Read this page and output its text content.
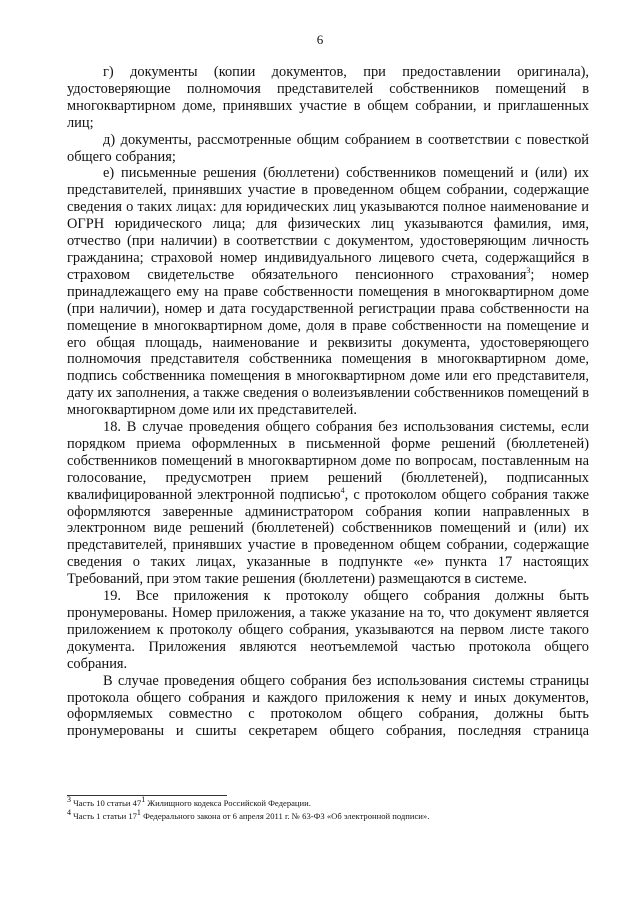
6

г) документы (копии документов, при предоставлении оригинала), удостоверяющие полномочия представителей собственников помещений в многоквартирном доме, принявших участие в общем собрании, и приглашенных лиц;

д) документы, рассмотренные общим собранием в соответствии с повесткой общего собрания;

е) письменные решения (бюллетени) собственников помещений и (или) их представителей, принявших участие в проведенном общем собрании, содержащие сведения о таких лицах: для юридических лиц указываются полное наименование и ОГРН юридического лица; для физических лиц указываются фамилия, имя, отчество (при наличии) в соответствии с документом, удостоверяющим личность гражданина; страховой номер индивидуального лицевого счета, содержащийся в страховом свидетельстве обязательного пенсионного страхования$^3$; номер принадлежащего ему на праве собственности помещения в многоквартирном доме (при наличии), номер и дата государственной регистрации права собственности на помещение в многоквартирном доме, доля в праве собственности на помещение и его общая площадь, наименование и реквизиты документа, удостоверяющего полномочия представителя собственника помещения в многоквартирном доме, подпись собственника помещения в многоквартирном доме или его представителя, дату их заполнения, а также сведения о волеизъявлении собственников помещений в многоквартирном доме или их представителей.

18. В случае проведения общего собрания без использования системы, если порядком приема оформленных в письменной форме решений (бюллетеней) собственников помещений в многоквартирном доме по вопросам, поставленным на голосование, предусмотрен прием решений (бюллетеней), подписанных квалифицированной электронной подписью$^4$, с протоколом общего собрания также оформляются заверенные администратором собрания копии направленных в электронном виде решений (бюллетеней) собственников помещений и (или) их представителей, принявших участие в проведенном общем собрании, содержащие сведения о таких лицах, указанные в подпункте «е» пункта 17 настоящих Требований, при этом такие решения (бюллетени) размещаются в системе.

19. Все приложения к протоколу общего собрания должны быть пронумерованы. Номер приложения, а также указание на то, что документ является приложением к протоколу общего собрания, указываются на первом листе такого документа. Приложения являются неотъемлемой частью протокола общего собрания.

В случае проведения общего собрания без использования системы страницы протокола общего собрания и каждого приложения к нему и иных документов, оформляемых совместно с протоколом общего собрания, должны быть пронумерованы и сшиты секретарем общего собрания, последняя страница

$^3$ Часть 10 статьи $47^1$ Жилищного кодекса Российской Федерации.

$^4$ Часть 1 статьи $17^1$ Федерального закона от 6 апреля 2011 г. № 63-ФЗ «Об электронной подписи».
